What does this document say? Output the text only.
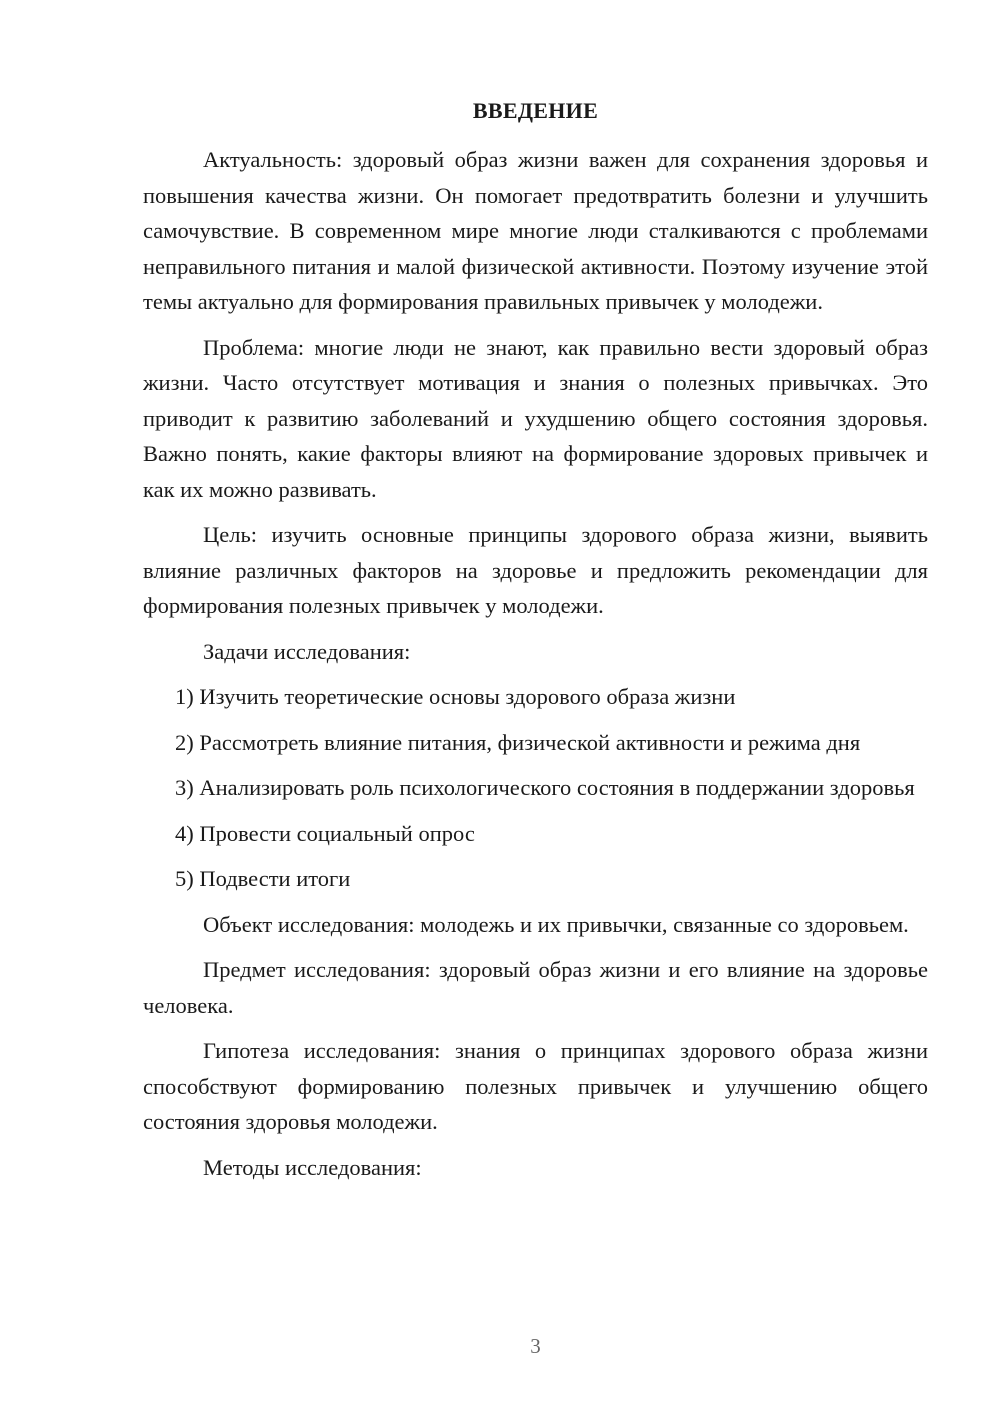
ВВЕДЕНИЕ

Актуальность: здоровый образ жизни важен для сохранения здоровья и повышения качества жизни. Он помогает предотвратить болезни и улучшить самочувствие. В современном мире многие люди сталкиваются с проблемами неправильного питания и малой физической активности. Поэтому изучение этой темы актуально для формирования правильных привычек у молодежи.

Проблема: многие люди не знают, как правильно вести здоровый образ жизни. Часто отсутствует мотивация и знания о полезных привычках. Это приводит к развитию заболеваний и ухудшению общего состояния здоровья. Важно понять, какие факторы влияют на формирование здоровых привычек и как их можно развивать.

Цель: изучить основные принципы здорового образа жизни, выявить влияние различных факторов на здоровье и предложить рекомендации для формирования полезных привычек у молодежи.

Задачи исследования:

1) Изучить теоретические основы здорового образа жизни

2) Рассмотреть влияние питания, физической активности и режима дня

3) Анализировать роль психологического состояния в поддержании здоровья

4) Провести социальный опрос

5) Подвести итоги

Объект исследования: молодежь и их привычки, связанные со здоровьем.

Предмет исследования: здоровый образ жизни и его влияние на здоровье человека.

Гипотеза исследования: знания о принципах здорового образа жизни способствуют формированию полезных привычек и улучшению общего состояния здоровья молодежи.

Методы исследования:

3
